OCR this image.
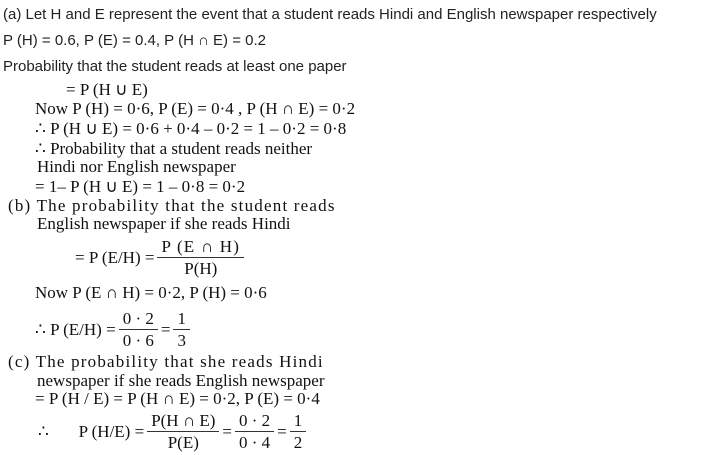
(a) Let H and E represent the event that a student reads Hindi and English newspaper respectively
P (H) = 0.6, P (E) = 0.4, P (H ∩ E) = 0.2
Probability that the student reads at least one paper
= P (H ∪ E)
Now P (H) = 0·6, P (E) = 0·4 , P (H ∩ E) = 0·2
∴ P (H ∪ E) = 0·6 + 0·4 – 0·2 = 1 – 0·2 = 0·8
∴ Probability that a student reads neither
Hindi nor English newspaper
= 1– P (H ∪ E) = 1 – 0·8 = 0·2
(b) The probability that the student reads
English newspaper if she reads Hindi
= P $(E/H) = \frac{P (E \cap H)}{P(H)}$
Now P (E ∩ H) = 0·2, P (H) = 0·6
∴ P $(E/H) = \frac{0 \cdot 2}{0 \cdot 6} = \frac{1}{3}$
(c) The probability that she reads Hindi
newspaper if she reads English newspaper
= P (H / E) = P (H ∩ E) = 0·2, P (E) = 0·4
∴       P $(H/E) = \frac{P(H \cap E)}{P(E)} = \frac{0 \cdot 2}{0 \cdot 4} = \frac{1}{2}$
